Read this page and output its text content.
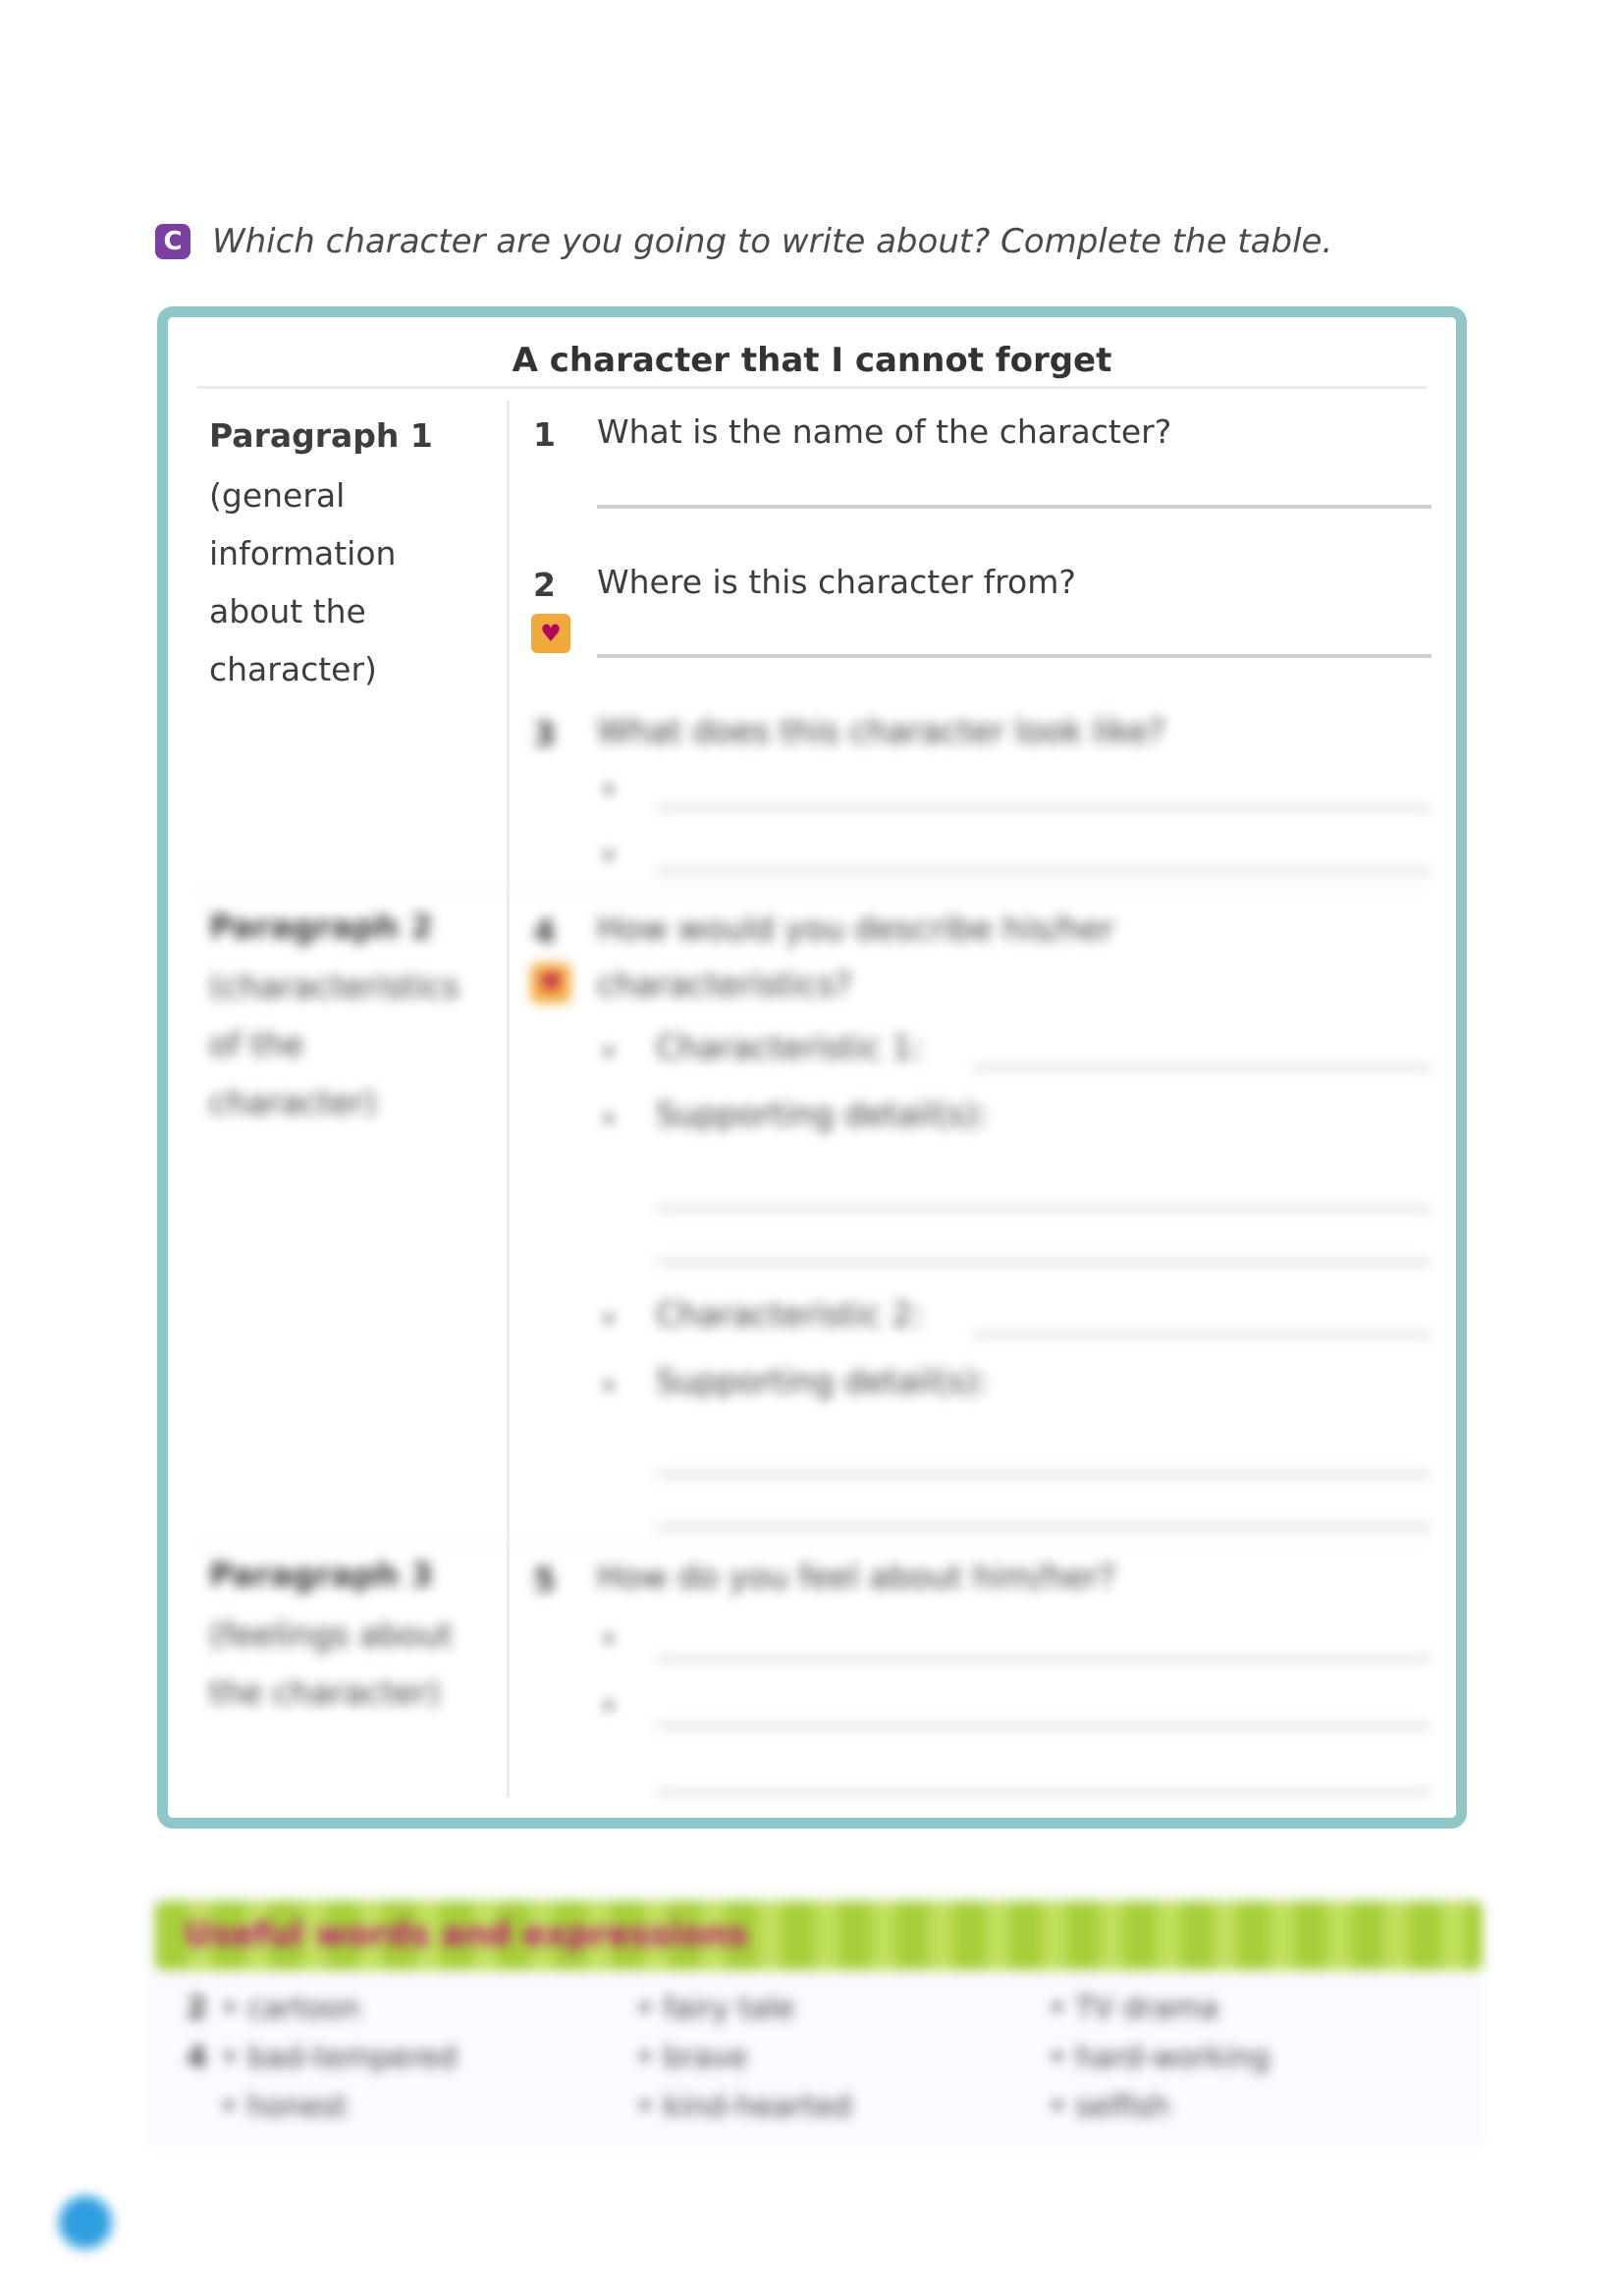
C Which character are you going to write about? Complete the table.
A character that I cannot forget
Paragraph 1
(general
information
about the
character)
1 What is the name of the character?
2 Where is this character from?
♥
3 What does this character look like?
•
•
Paragraph 2
(characteristics
of the
character)
4 How would you describe his/her
characteristics?
♥
• Characteristic 1:
• Supporting detail(s):
• Characteristic 2:
• Supporting detail(s):
Paragraph 3
(feelings about
the character)
5 How do you feel about him/her?
•
•
Useful words and expressions
2 • cartoon
4 • bad-tempered
• honest
• fairy tale
• brave
• kind-hearted
• TV drama
• hard-working
• selfish
